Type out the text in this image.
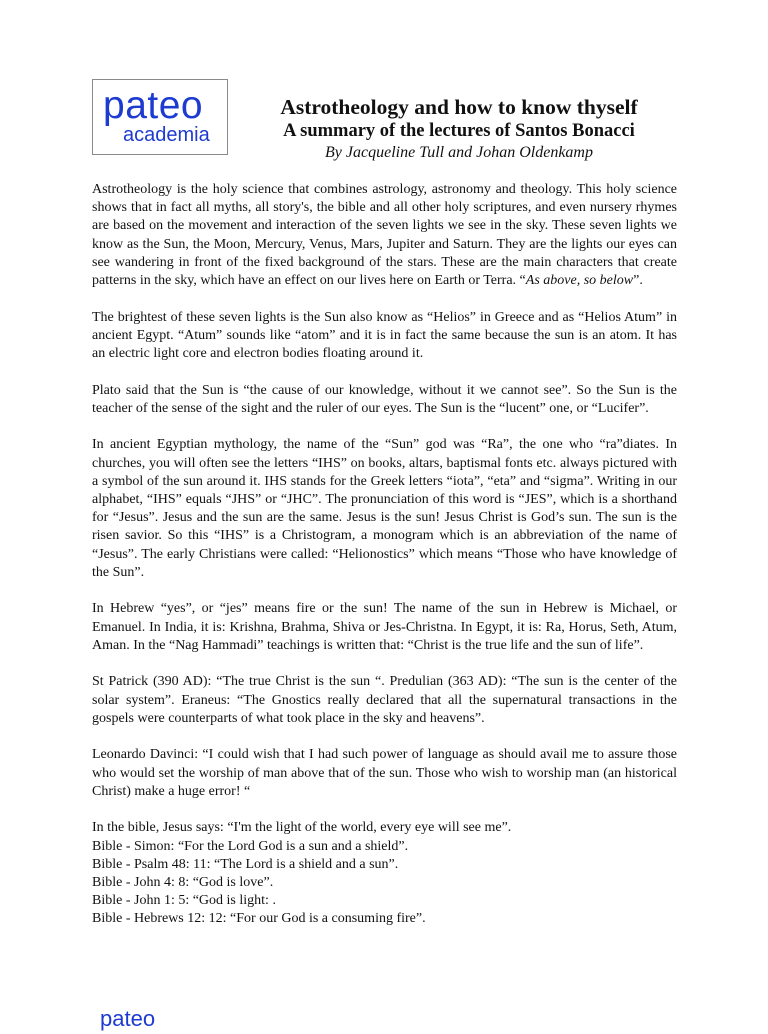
pateo
academia
Astrotheology and how to know thyself
A summary of the lectures of Santos Bonacci

By Jacqueline Tull and Johan Oldenkamp

Astrotheology is the holy science that combines astrology, astronomy and theology. This holy science shows that in fact all myths, all story's, the bible and all other holy scriptures, and even nursery rhymes are based on the movement and interaction of the seven lights we see in the sky. These seven lights we know as the Sun, the Moon, Mercury, Venus, Mars, Jupiter and Saturn. They are the lights our eyes can see wandering in front of the fixed background of the stars. These are the main characters that create patterns in the sky, which have an effect on our lives here on Earth or Terra. “As above, so below”.

The brightest of these seven lights is the Sun also know as “Helios” in Greece and as “Helios Atum” in ancient Egypt. “Atum” sounds like “atom” and it is in fact the same because the sun is an atom. It has an electric light core and electron bodies floating around it.

Plato said that the Sun is “the cause of our knowledge, without it we cannot see”. So the Sun is the teacher of the sense of the sight and the ruler of our eyes. The Sun is the “lucent” one, or “Lucifer”.

In ancient Egyptian mythology, the name of the “Sun” god was “Ra”, the one who “ra”diates. In churches, you will often see the letters “IHS” on books, altars, baptismal fonts etc. always pictured with a symbol of the sun around it. IHS stands for the Greek letters “iota”, “eta” and “sigma”. Writing in our alphabet, “IHS” equals “JHS” or “JHC”. The pronunciation of this word is “JES”, which is a shorthand for “Jesus”. Jesus and the sun are the same. Jesus is the sun! Jesus Christ is God’s sun. The sun is the risen savior. So this “IHS” is a Christogram, a monogram which is an abbreviation of the name of “Jesus”. The early Christians were called: “Helionostics” which means “Those who have knowledge of the Sun”.

In Hebrew “yes”, or “jes” means fire or the sun! The name of the sun in Hebrew is Michael, or Emanuel. In India, it is: Krishna, Brahma, Shiva or Jes-Christna. In Egypt, it is: Ra, Horus, Seth, Atum, Aman. In the “Nag Hammadi” teachings is written that: “Christ is the true life and the sun of life”.

St Patrick (390 AD): “The true Christ is the sun “. Predulian (363 AD): “The sun is the center of the solar system”. Eraneus: “The Gnostics really declared that all the supernatural transactions in the gospels were counterparts of what took place in the sky and heavens”.

Leonardo Davinci: “I could wish that I had such power of language as should avail me to assure those who would set the worship of man above that of the sun. Those who wish to worship man (an historical Christ) make a huge error! “

In the bible, Jesus says: “I'm the light of the world, every eye will see me”.
Bible - Simon: “For the Lord God is a sun and a shield”.
Bible - Psalm 48: 11: “The Lord is a shield and a sun”.
Bible - John 4: 8: “God is love”.
Bible - John 1: 5: “God is light: .
Bible - Hebrews 12: 12: “For our God is a consuming fire”.
pateo
